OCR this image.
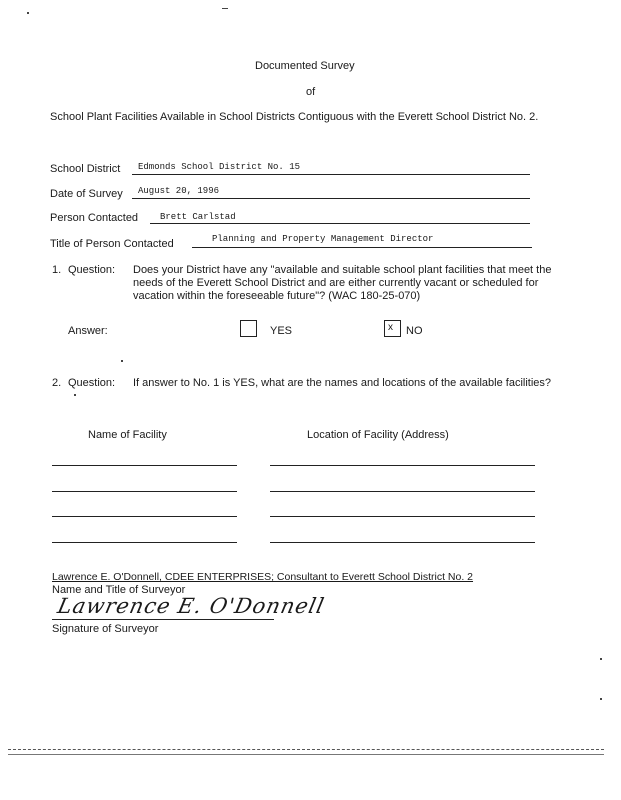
Documented Survey
of
School Plant Facilities Available in School Districts Contiguous with the Everett School District No. 2.
School District Edmonds School District No. 15
Date of Survey August 20, 1996
Person Contacted Brett Carlstad
Title of Person Contacted	Planning and Property Management Director
1. Question: Does your District have any "available and suitable school plant facilities that meet the needs of the Everett School District and are either currently vacant or scheduled for vacation within the foreseeable future"? (WAC 180-25-070)
Answer:	YES	x NO
2. Question: If answer to No. 1 is YES, what are the names and locations of the available facilities?
Name of Facility	Location of Facility (Address)
Lawrence E. O'Donnell, CDEE ENTERPRISES; Consultant to Everett School District No. 2
Name and Title of Surveyor
Lawrence E. O'Donnell
Signature of Surveyor
